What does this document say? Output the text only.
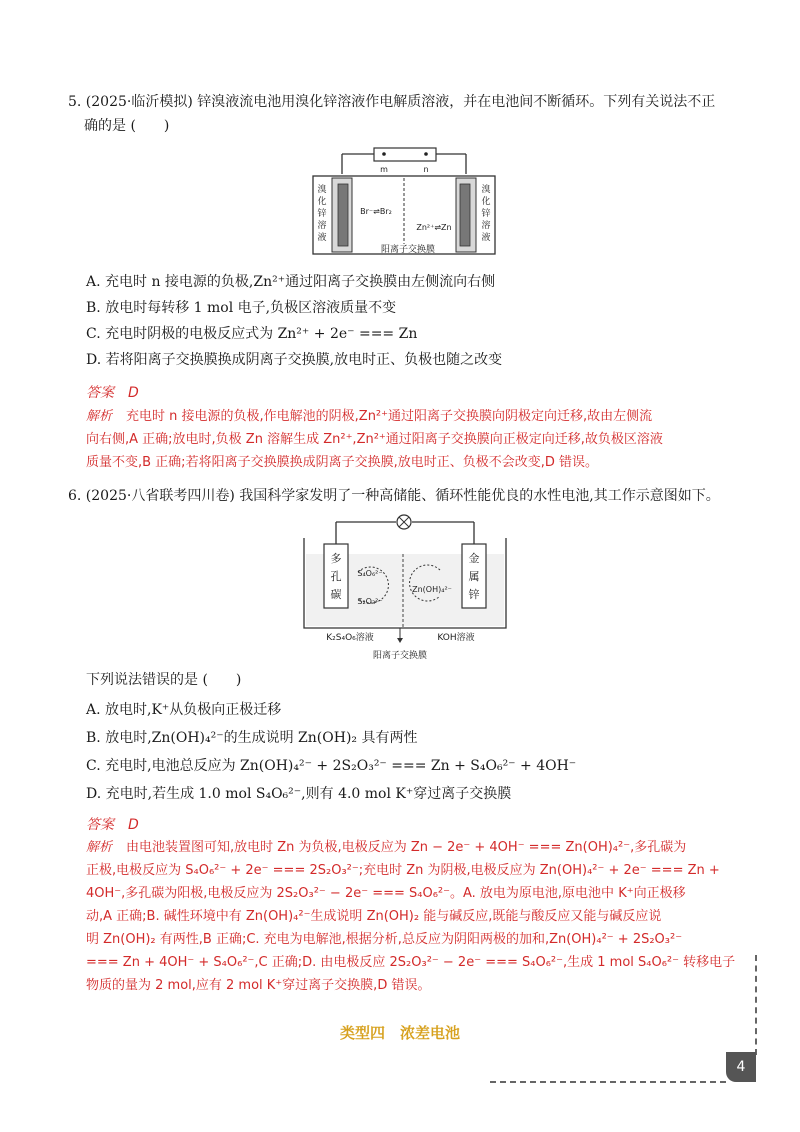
5. (2025·临沂模拟) 锌溴液流电池用溴化锌溶液作电解质溶液，并在电池间不断循环。下列有关说法不正
确的是 (　　)
m	n
溴
化
锌
溶
液
溴
化
锌
溶
液
Br⁻⇌Br₂
Zn²⁺⇌Zn
阳离子交换膜
A. 充电时 n 接电源的负极,Zn²⁺通过阳离子交换膜由左侧流向右侧
B. 放电时每转移 1 mol 电子,负极区溶液质量不变
C. 充电时阴极的电极反应式为 Zn²⁺ + 2e⁻ === Zn
D. 若将阳离子交换膜换成阴离子交换膜,放电时正、负极也随之改变
答案　D
解析 充电时 n 接电源的负极,作电解池的阴极,Zn²⁺通过阳离子交换膜向阴极定向迁移,故由左侧流
向右侧,A 正确;放电时,负极 Zn 溶解生成 Zn²⁺,Zn²⁺通过阳离子交换膜向正极定向迁移,故负极区溶液
质量不变,B 正确;若将阳离子交换膜换成阴离子交换膜,放电时正、负极不会改变,D 错误。
6. (2025·八省联考四川卷) 我国科学家发明了一种高储能、循环性能优良的水性电池,其工作示意图如下。
多
孔
碳
金
属
锌
S₄O₆²⁻
S₂O₃²⁻
Zn(OH)₄²⁻
K₂S₄O₆溶液	KOH溶液
阳离子交换膜
下列说法错误的是 (　　)
A. 放电时,K⁺从负极向正极迁移
B. 放电时,Zn(OH)₄²⁻的生成说明 Zn(OH)₂ 具有两性
C. 充电时,电池总反应为 Zn(OH)₄²⁻ + 2S₂O₃²⁻ === Zn + S₄O₆²⁻ + 4OH⁻
D. 充电时,若生成 1.0 mol S₄O₆²⁻,则有 4.0 mol K⁺穿过离子交换膜
答案　D
解析 由电池装置图可知,放电时 Zn 为负极,电极反应为 Zn − 2e⁻ + 4OH⁻ === Zn(OH)₄²⁻,多孔碳为
正极,电极反应为 S₄O₆²⁻ + 2e⁻ === 2S₂O₃²⁻;充电时 Zn 为阴极,电极反应为 Zn(OH)₄²⁻ + 2e⁻ === Zn +
4OH⁻,多孔碳为阳极,电极反应为 2S₂O₃²⁻ − 2e⁻ === S₄O₆²⁻。A. 放电为原电池,原电池中 K⁺向正极移
动,A 正确;B. 碱性环境中有 Zn(OH)₄²⁻生成说明 Zn(OH)₂ 能与碱反应,既能与酸反应又能与碱反应说
明 Zn(OH)₂ 有两性,B 正确;C. 充电为电解池,根据分析,总反应为阴阳两极的加和,Zn(OH)₄²⁻ + 2S₂O₃²⁻
=== Zn + 4OH⁻ + S₄O₆²⁻,C 正确;D. 由电极反应 2S₂O₃²⁻ − 2e⁻ === S₄O₆²⁻,生成 1 mol S₄O₆²⁻ 转移电子
物质的量为 2 mol,应有 2 mol K⁺穿过离子交换膜,D 错误。
类型四　浓差电池
4
